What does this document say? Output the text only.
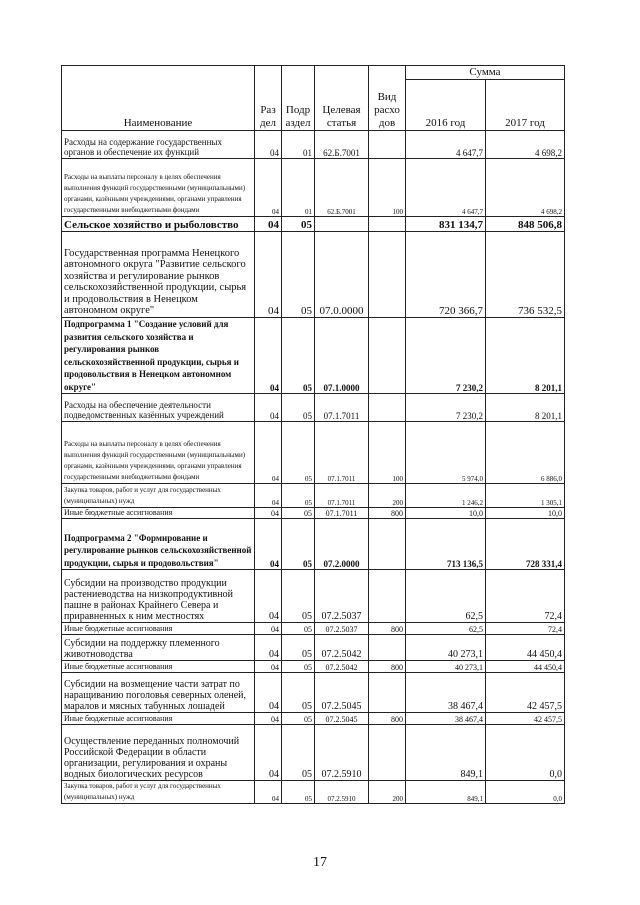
Наименование	Раз дел	Подр аздел	Целевая статья	Вид расхо дов	Сумма	
					2016 год	2017 год
Расходы на содержание государственных органов и обеспечение их функций	04	01	62.Б.7001		4 647,7	4 698,2
Расходы на выплаты персоналу в целях обеспечения выполнения функций государственными (муниципальными) органами, казёнными учреждениями, органами управления государственными внебюджетными фондами	04	01	62.Б.7001	100	4 647,7	4 698,2
Сельское хозяйство и рыболовство	04	05			831 134,7	848 506,8
Государственная программа Ненецкого автономного округа "Развитие сельского хозяйства и регулирование рынков сельскохозяйственной продукции, сырья и продовольствия в Ненецком автономном округе"	04	05	07.0.0000		720 366,7	736 532,5
Подпрограмма 1 "Создание условий для развития сельского хозяйства и регулирования рынков сельскохозяйственной продукции, сырья и продовольствия в Ненецком автономном округе"	04	05	07.1.0000		7 230,2	8 201,1
Расходы на обеспечение деятельности подведомственных казённых учреждений	04	05	07.1.7011		7 230,2	8 201,1
Расходы на выплаты персоналу в целях обеспечения выполнения функций государственными (муниципальными) органами, казёнными учреждениями, органами управления государственными внебюджетными фондами	04	05	07.1.7011	100	5 974,0	6 886,0
Закупка товаров, работ и услуг для государственных (муниципальных) нужд	04	05	07.1.7011	200	1 246,2	1 305,1
Иные бюджетные ассигнования	04	05	07.1.7011	800	10,0	10,0
Подпрограмма 2 "Формирование и регулирование рынков сельскохозяйственной продукции, сырья и продовольствия"	04	05	07.2.0000		713 136,5	728 331,4
Субсидии на производство продукции растениеводства на низкопродуктивной пашне в районах Крайнего Севера и приравненных к ним местностях	04	05	07.2.5037		62,5	72,4
Иные бюджетные ассигнования	04	05	07.2.5037	800	62,5	72,4
Субсидии на поддержку племенного животноводства	04	05	07.2.5042		40 273,1	44 450,4
Иные бюджетные ассигнования	04	05	07.2.5042	800	40 273,1	44 450,4
Субсидии на возмещение части затрат по наращиванию поголовья северных оленей, маралов и мясных табунных лошадей	04	05	07.2.5045		38 467,4	42 457,5
Иные бюджетные ассигнования	04	05	07.2.5045	800	38 467,4	42 457,5
Осуществление переданных полномочий Российской Федерации в области организации, регулирования и охраны водных биологических ресурсов	04	05	07.2.5910		849,1	0,0
Закупка товаров, работ и услуг для государственных (муниципальных) нужд	04	05	07.2.5910	200	849,1	0,0
17
